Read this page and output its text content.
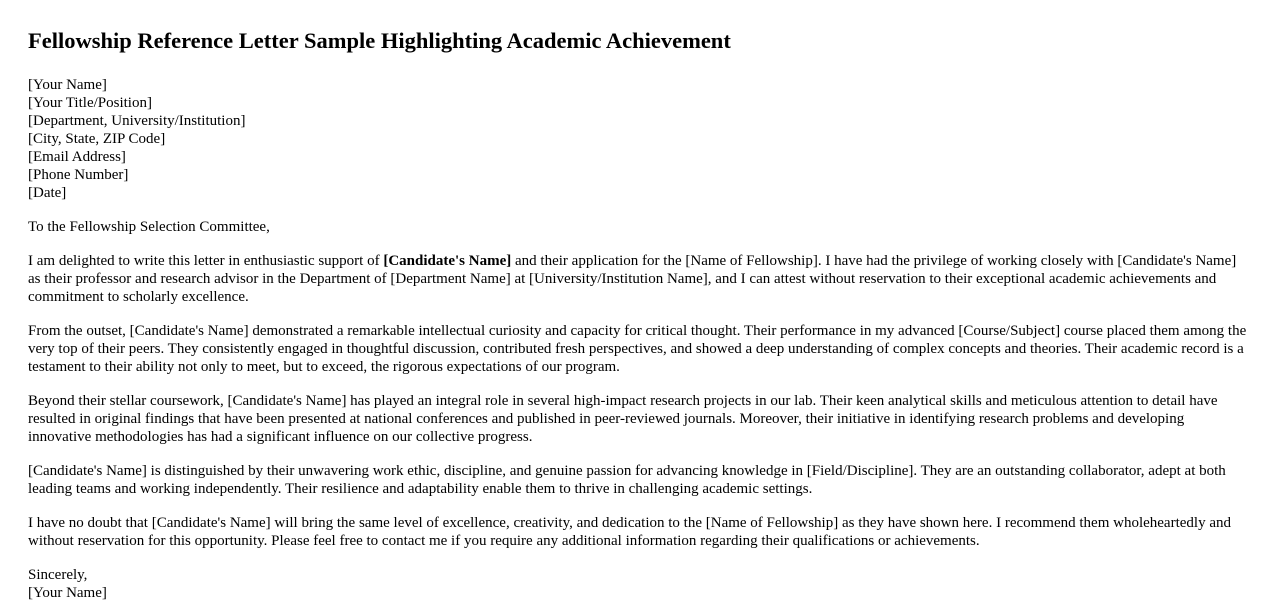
Fellowship Reference Letter Sample Highlighting Academic Achievement
[Your Name]
[Your Title/Position]
[Department, University/Institution]
[City, State, ZIP Code]
[Email Address]
[Phone Number]
[Date]

To the Fellowship Selection Committee,

I am delighted to write this letter in enthusiastic support of [Candidate's Name] and their application for the [Name of Fellowship]. I have had the privilege of working closely with [Candidate's Name] as their professor and research advisor in the Department of [Department Name] at [University/Institution Name], and I can attest without reservation to their exceptional academic achievements and commitment to scholarly excellence.

From the outset, [Candidate's Name] demonstrated a remarkable intellectual curiosity and capacity for critical thought. Their performance in my advanced [Course/Subject] course placed them among the very top of their peers. They consistently engaged in thoughtful discussion, contributed fresh perspectives, and showed a deep understanding of complex concepts and theories. Their academic record is a testament to their ability not only to meet, but to exceed, the rigorous expectations of our program.

Beyond their stellar coursework, [Candidate's Name] has played an integral role in several high-impact research projects in our lab. Their keen analytical skills and meticulous attention to detail have resulted in original findings that have been presented at national conferences and published in peer-reviewed journals. Moreover, their initiative in identifying research problems and developing innovative methodologies has had a significant influence on our collective progress.

[Candidate's Name] is distinguished by their unwavering work ethic, discipline, and genuine passion for advancing knowledge in [Field/Discipline]. They are an outstanding collaborator, adept at both leading teams and working independently. Their resilience and adaptability enable them to thrive in challenging academic settings.

I have no doubt that [Candidate's Name] will bring the same level of excellence, creativity, and dedication to the [Name of Fellowship] as they have shown here. I recommend them wholeheartedly and without reservation for this opportunity. Please feel free to contact me if you require any additional information regarding their qualifications or achievements.

Sincerely,
[Your Name]
